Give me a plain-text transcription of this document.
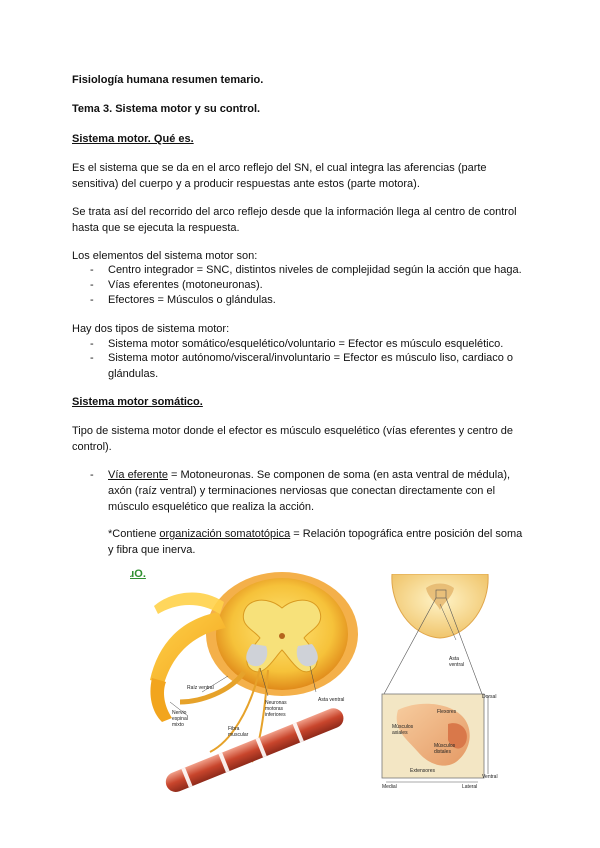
Fisiología humana resumen temario.

Tema 3. Sistema motor y su control.

Sistema motor. Qué es.

Es el sistema que se da en el arco reflejo del SN, el cual integra las aferencias (parte sensitiva) del cuerpo y a producir respuestas ante estos (parte motora).

Se trata así del recorrido del arco reflejo desde que la información llega al centro de control hasta que se ejecuta la respuesta.

Los elementos del sistema motor son:

- Centro integrador = SNC, distintos niveles de complejidad según la acción que haga.
- Vías eferentes (motoneuronas).
- Efectores = Músculos o glándulas.

Hay dos tipos de sistema motor:

- Sistema motor somático/esquelético/voluntario = Efector es músculo esquelético.
- Sistema motor autónomo/visceral/involuntario = Efector es músculo liso, cardiaco o glándulas.

Sistema motor somático.

Tipo de sistema motor donde el efector es músculo esquelético (vías eferentes y centro de control).

- Vía eferente = Motoneuronas. Se componen de soma (en asta ventral de médula), axón (raíz ventral) y terminaciones nerviosas que conectan directamente con el músculo esquelético que realiza la acción.
*Contiene organización somatotópica = Relación topográfica entre posición del soma y fibra que inerva.
ɹO.
Raíz ventral
Nervio espinal mixto
Fibra muscular
Neuronas motoras inferiores
Asta ventral
Asta ventral
Dorsal
Flexores
Músculos axiales
Músculos distales
Extensores
Ventral
Medial	Lateral
